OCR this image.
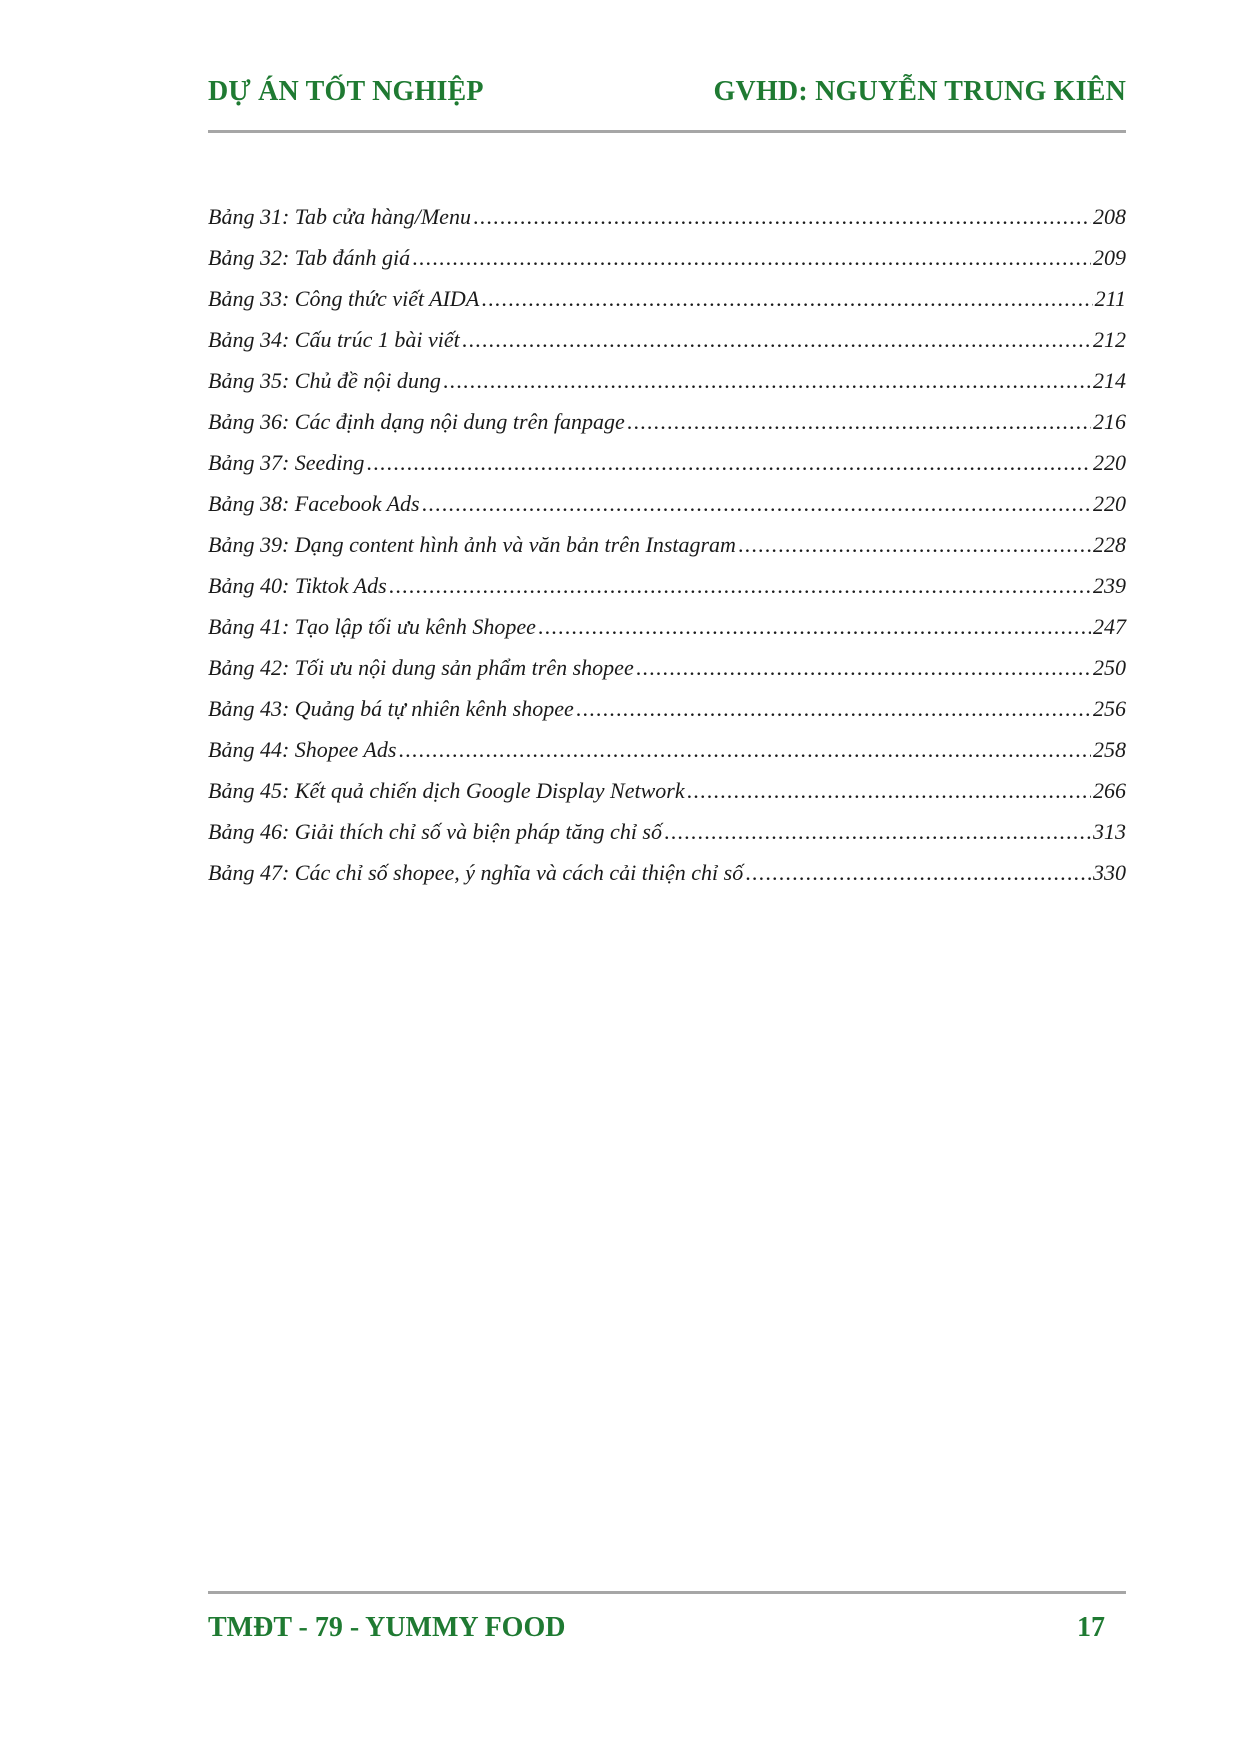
DỰ ÁN TỐT NGHIỆP	GVHD: NGUYỄN TRUNG KIÊN
Bảng 31: Tab cửa hàng/Menu .....	208
Bảng 32: Tab đánh giá .....	209
Bảng 33: Công thức viết AIDA .....	211
Bảng 34: Cấu trúc 1 bài viết .....	212
Bảng 35: Chủ đề nội dung .....	214
Bảng 36: Các định dạng nội dung trên fanpage .....	216
Bảng 37: Seeding .....	220
Bảng 38: Facebook Ads .....	220
Bảng 39: Dạng content hình ảnh và văn bản trên Instagram .....	228
Bảng 40: Tiktok Ads .....	239
Bảng 41: Tạo lập tối ưu kênh Shopee .....	247
Bảng 42: Tối ưu nội dung sản phẩm trên shopee .....	250
Bảng 43: Quảng bá tự nhiên kênh shopee .....	256
Bảng 44: Shopee Ads .....	258
Bảng 45: Kết quả chiến dịch Google Display Network .....	266
Bảng 46: Giải thích chỉ số và biện pháp tăng chỉ số .....	313
Bảng 47: Các chỉ số shopee, ý nghĩa và cách cải thiện chỉ số .....	330
TMĐT - 79 - YUMMY FOOD	17
